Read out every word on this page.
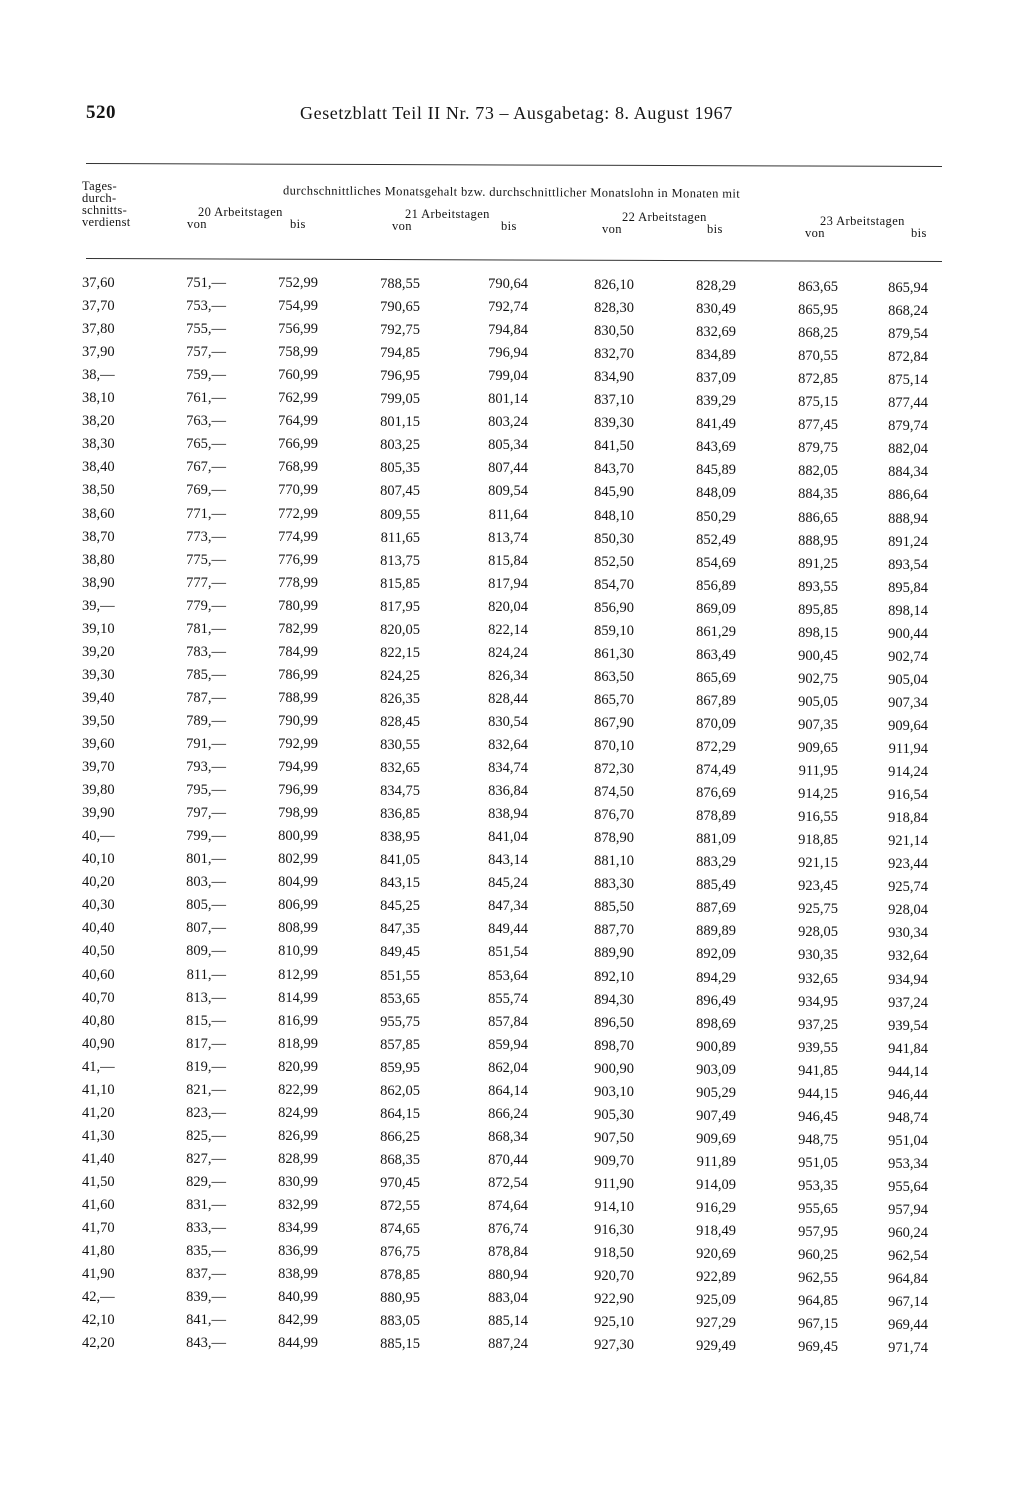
520	Gesetzblatt Teil II Nr. 73 – Ausgabetag: 8. August 1967
Tages-
durch-
schnitts-
verdienst
durchschnittliches Monatsgehalt bzw. durchschnittlicher Monatslohn in Monaten mit
20 Arbeitstagen
von	bis
21 Arbeitstagen
von	bis
22 Arbeitstagen
von	bis
23 Arbeitstagen
von	bis
37,60	751,—	752,99	788,55	790,64	826,10	828,29	863,65	865,94
37,70	753,—	754,99	790,65	792,74	828,30	830,49	865,95	868,24
37,80	755,—	756,99	792,75	794,84	830,50	832,69	868,25	879,54
37,90	757,—	758,99	794,85	796,94	832,70	834,89	870,55	872,84
38,—	759,—	760,99	796,95	799,04	834,90	837,09	872,85	875,14
38,10	761,—	762,99	799,05	801,14	837,10	839,29	875,15	877,44
38,20	763,—	764,99	801,15	803,24	839,30	841,49	877,45	879,74
38,30	765,—	766,99	803,25	805,34	841,50	843,69	879,75	882,04
38,40	767,—	768,99	805,35	807,44	843,70	845,89	882,05	884,34
38,50	769,—	770,99	807,45	809,54	845,90	848,09	884,35	886,64
38,60	771,—	772,99	809,55	811,64	848,10	850,29	886,65	888,94
38,70	773,—	774,99	811,65	813,74	850,30	852,49	888,95	891,24
38,80	775,—	776,99	813,75	815,84	852,50	854,69	891,25	893,54
38,90	777,—	778,99	815,85	817,94	854,70	856,89	893,55	895,84
39,—	779,—	780,99	817,95	820,04	856,90	869,09	895,85	898,14
39,10	781,—	782,99	820,05	822,14	859,10	861,29	898,15	900,44
39,20	783,—	784,99	822,15	824,24	861,30	863,49	900,45	902,74
39,30	785,—	786,99	824,25	826,34	863,50	865,69	902,75	905,04
39,40	787,—	788,99	826,35	828,44	865,70	867,89	905,05	907,34
39,50	789,—	790,99	828,45	830,54	867,90	870,09	907,35	909,64
39,60	791,—	792,99	830,55	832,64	870,10	872,29	909,65	911,94
39,70	793,—	794,99	832,65	834,74	872,30	874,49	911,95	914,24
39,80	795,—	796,99	834,75	836,84	874,50	876,69	914,25	916,54
39,90	797,—	798,99	836,85	838,94	876,70	878,89	916,55	918,84
40,—	799,—	800,99	838,95	841,04	878,90	881,09	918,85	921,14
40,10	801,—	802,99	841,05	843,14	881,10	883,29	921,15	923,44
40,20	803,—	804,99	843,15	845,24	883,30	885,49	923,45	925,74
40,30	805,—	806,99	845,25	847,34	885,50	887,69	925,75	928,04
40,40	807,—	808,99	847,35	849,44	887,70	889,89	928,05	930,34
40,50	809,—	810,99	849,45	851,54	889,90	892,09	930,35	932,64
40,60	811,—	812,99	851,55	853,64	892,10	894,29	932,65	934,94
40,70	813,—	814,99	853,65	855,74	894,30	896,49	934,95	937,24
40,80	815,—	816,99	955,75	857,84	896,50	898,69	937,25	939,54
40,90	817,—	818,99	857,85	859,94	898,70	900,89	939,55	941,84
41,—	819,—	820,99	859,95	862,04	900,90	903,09	941,85	944,14
41,10	821,—	822,99	862,05	864,14	903,10	905,29	944,15	946,44
41,20	823,—	824,99	864,15	866,24	905,30	907,49	946,45	948,74
41,30	825,—	826,99	866,25	868,34	907,50	909,69	948,75	951,04
41,40	827,—	828,99	868,35	870,44	909,70	911,89	951,05	953,34
41,50	829,—	830,99	970,45	872,54	911,90	914,09	953,35	955,64
41,60	831,—	832,99	872,55	874,64	914,10	916,29	955,65	957,94
41,70	833,—	834,99	874,65	876,74	916,30	918,49	957,95	960,24
41,80	835,—	836,99	876,75	878,84	918,50	920,69	960,25	962,54
41,90	837,—	838,99	878,85	880,94	920,70	922,89	962,55	964,84
42,—	839,—	840,99	880,95	883,04	922,90	925,09	964,85	967,14
42,10	841,—	842,99	883,05	885,14	925,10	927,29	967,15	969,44
42,20	843,—	844,99	885,15	887,24	927,30	929,49	969,45	971,74
